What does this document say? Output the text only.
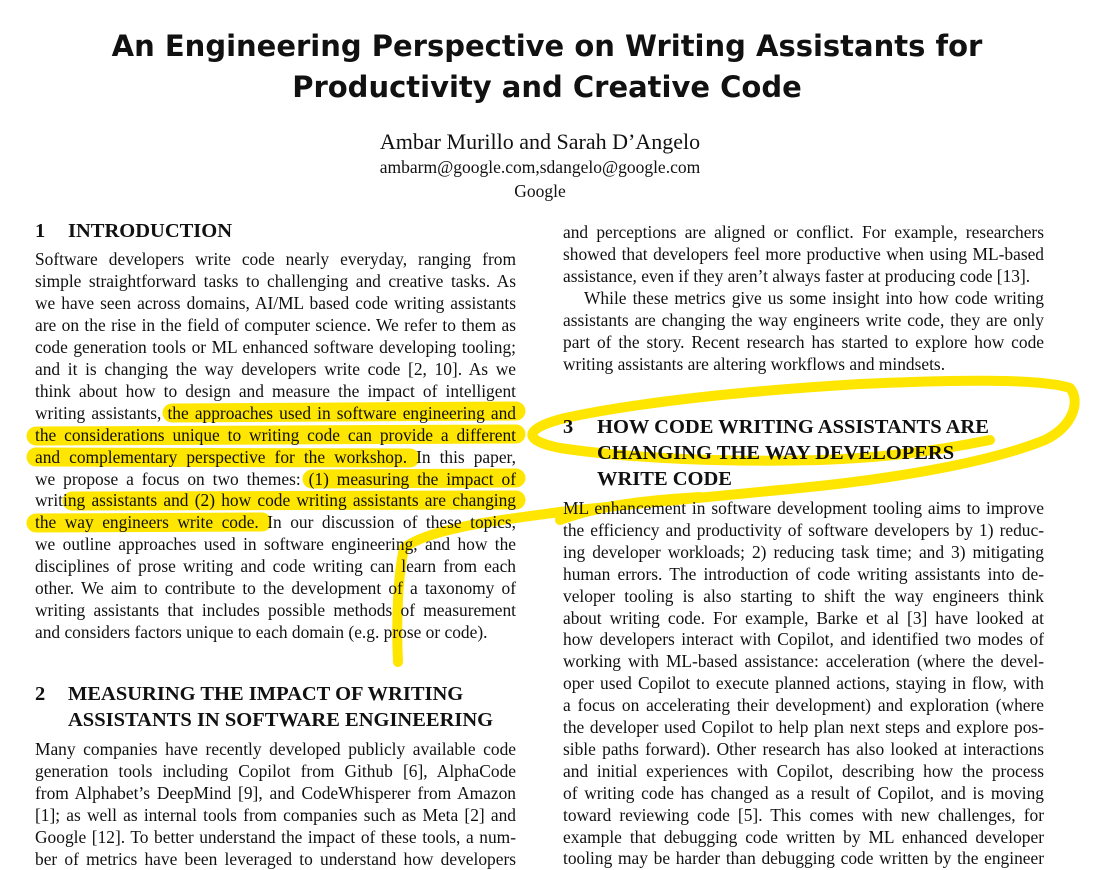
An Engineering Perspective on Writing Assistants for
Productivity and Creative Code
Ambar Murillo and Sarah D’Angelo
ambarm@google.com,sdangelo@google.com
Google
1 INTRODUCTION
2 MEASURING THE IMPACT OF WRITING
ASSISTANTS IN SOFTWARE ENGINEERING
3 HOW CODE WRITING ASSISTANTS ARE
CHANGING THE WAY DEVELOPERS
WRITE CODE
Software developers write code nearly everyday, ranging from
simple straightforward tasks to challenging and creative tasks. As
we have seen across domains, AI/ML based code writing assistants
are on the rise in the field of computer science. We refer to them as
code generation tools or ML enhanced software developing tooling;
and it is changing the way developers write code [2, 10]. As we
think about how to design and measure the impact of intelligent
writing assistants, the approaches used in software engineering and
the considerations unique to writing code can provide a different
and complementary perspective for the workshop. In this paper,
we propose a focus on two themes: (1) measuring the impact of
writing assistants and (2) how code writing assistants are changing
the way engineers write code. In our discussion of these topics,
we outline approaches used in software engineering, and how the
disciplines of prose writing and code writing can learn from each
other. We aim to contribute to the development of a taxonomy of
writing assistants that includes possible methods of measurement
and considers factors unique to each domain (e.g. prose or code).
Many companies have recently developed publicly available code
generation tools including Copilot from Github [6], AlphaCode
from Alphabet’s DeepMind [9], and CodeWhisperer from Amazon
[1]; as well as internal tools from companies such as Meta [2] and
Google [12]. To better understand the impact of these tools, a num-
ber of metrics have been leveraged to understand how developers
and perceptions are aligned or conflict. For example, researchers
showed that developers feel more productive when using ML-based
assistance, even if they aren’t always faster at producing code [13].
While these metrics give us some insight into how code writing
assistants are changing the way engineers write code, they are only
part of the story. Recent research has started to explore how code
writing assistants are altering workflows and mindsets.
ML enhancement in software development tooling aims to improve
the efficiency and productivity of software developers by 1) reduc-
ing developer workloads; 2) reducing task time; and 3) mitigating
human errors. The introduction of code writing assistants into de-
veloper tooling is also starting to shift the way engineers think
about writing code. For example, Barke et al [3] have looked at
how developers interact with Copilot, and identified two modes of
working with ML-based assistance: acceleration (where the devel-
oper used Copilot to execute planned actions, staying in flow, with
a focus on accelerating their development) and exploration (where
the developer used Copilot to help plan next steps and explore pos-
sible paths forward). Other research has also looked at interactions
and initial experiences with Copilot, describing how the process
of writing code has changed as a result of Copilot, and is moving
toward reviewing code [5]. This comes with new challenges, for
example that debugging code written by ML enhanced developer
tooling may be harder than debugging code written by the engineer
